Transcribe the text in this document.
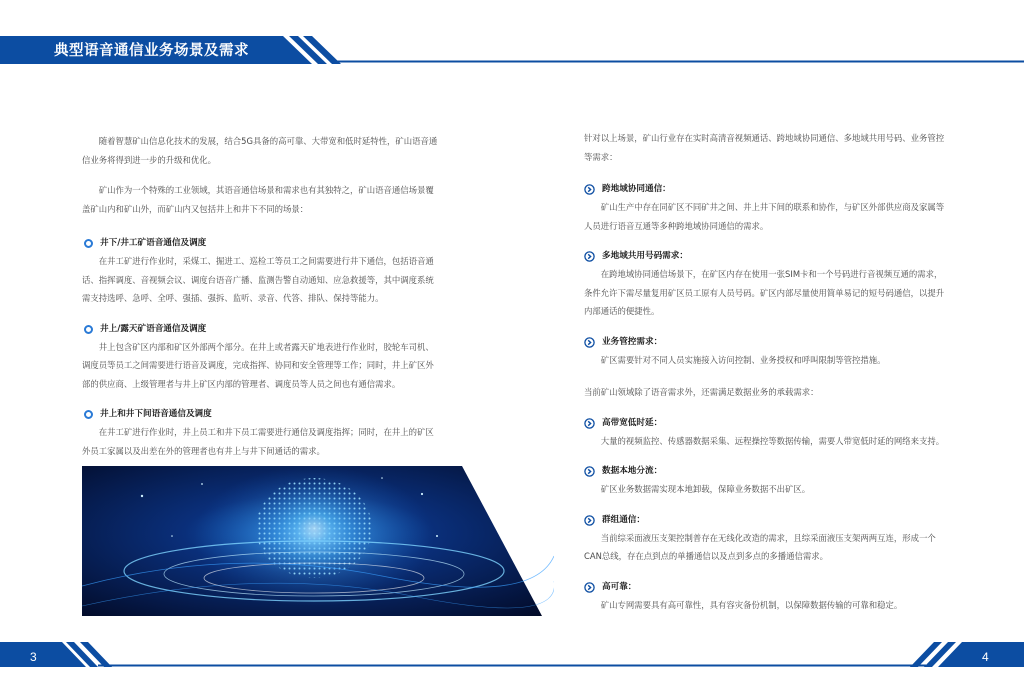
典型语音通信业务场景及需求

随着智慧矿山信息化技术的发展，结合5G具备的高可靠、大带宽和低时延特性，矿山语音通信业务将得到进一步的升级和优化。

矿山作为一个特殊的工业领域，其语音通信场景和需求也有其独特之，矿山语音通信场景覆盖矿山内和矿山外，而矿山内又包括井上和井下不同的场景：

井下/井工矿语音通信及调度

在井工矿进行作业时，采煤工、掘进工、巡检工等员工之间需要进行井下通信，包括语音通话、指挥调度、音视频会议、调度台语音广播、监测告警自动通知、应急救援等，其中调度系统需支持选呼、急呼、全呼、强插、强拆、监听、录音、代答、排队、保持等能力。

井上/露天矿语音通信及调度

井上包含矿区内部和矿区外部两个部分。在井上或者露天矿地表进行作业时，胶轮车司机、调度员等员工之间需要进行语音及调度，完成指挥、协同和安全管理等工作；同时，井上矿区外部的供应商、上级管理者与井上矿区内部的管理者、调度员等人员之间也有通信需求。

井上和井下间语音通信及调度

在井工矿进行作业时，井上员工和井下员工需要进行通信及调度指挥；同时，在井上的矿区外员工家属以及出差在外的管理者也有井上与井下间通话的需求。

针对以上场景，矿山行业存在实时高清音视频通话、跨地域协同通信、多地域共用号码、业务管控等需求：

跨地域协同通信：

矿山生产中存在同矿区不同矿井之间、井上井下间的联系和协作，与矿区外部供应商及家属等人员进行语音互通等多种跨地域协同通信的需求。

多地域共用号码需求：

在跨地域协同通信场景下，在矿区内存在使用一张SIM卡和一个号码进行音视频互通的需求，条件允许下需尽量复用矿区员工原有人员号码。矿区内部尽量使用简单易记的短号码通信，以提升内部通话的便捷性。

业务管控需求：

矿区需要针对不同人员实施接入访问控制、业务授权和呼叫限制等管控措施。

当前矿山领域除了语音需求外，还需满足数据业务的承载需求：

高带宽低时延：

大量的视频监控、传感器数据采集、远程操控等数据传输，需要人带宽低时延的网络来支持。

数据本地分流：

矿区业务数据需实现本地卸载，保障业务数据不出矿区。

群组通信：

当前综采面液压支架控制普存在无线化改造的需求，且综采面液压支架两两互连，形成一个CAN总线，存在点到点的单播通信以及点到多点的多播通信需求。

高可靠：

矿山专网需要具有高可靠性，具有容灾备份机制，以保障数据传输的可靠和稳定。

3	4
